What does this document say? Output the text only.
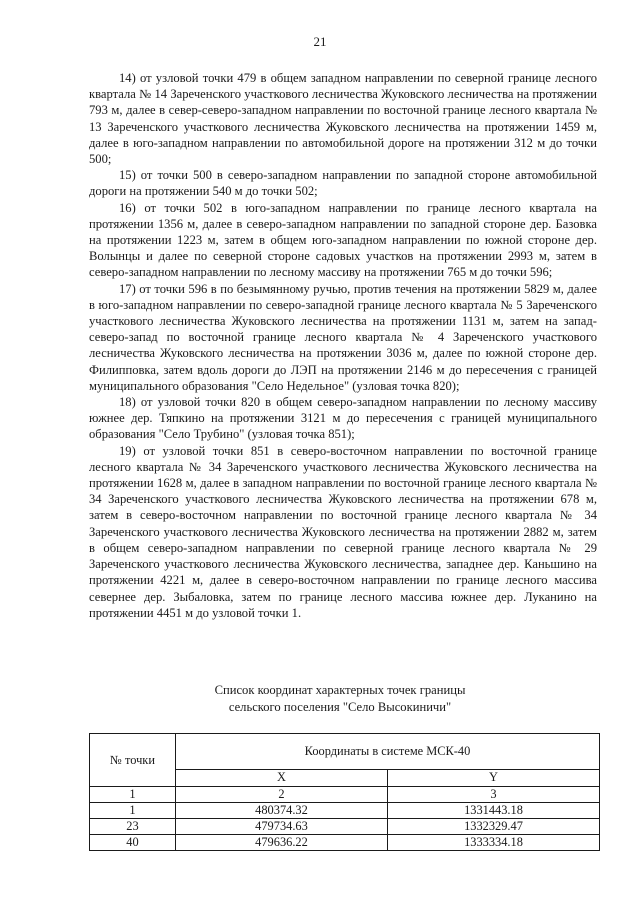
21

14) от узловой точки 479 в общем западном направлении по северной границе лесного квартала № 14 Зареченского участкового лесничества Жуковского лесничества на протяжении 793 м, далее в север-северо-западном направлении по восточной границе лесного квартала № 13 Зареченского участкового лесничества Жуковского лесничества на протяжении 1459 м, далее в юго-западном направлении по автомобильной дороге на протяжении 312 м до точки 500;

15) от точки 500 в северо-западном направлении по западной стороне автомобильной дороги на протяжении 540 м до точки 502;

16) от точки 502 в юго-западном направлении по границе лесного квартала на протяжении 1356 м, далее в северо-западном направлении по западной стороне дер. Базовка на протяжении 1223 м, затем в общем юго-западном направлении по южной стороне дер. Волынцы и далее по северной стороне садовых участков на протяжении 2993 м, затем в северо-западном направлении по лесному массиву на протяжении 765 м до точки 596;

17) от точки 596 в по безымянному ручью, против течения на протяжении 5829 м, далее в юго-западном направлении по северо-западной границе лесного квартала № 5 Зареченского участкового лесничества Жуковского лесничества на протяжении 1131 м, затем на запад-северо-запад по восточной границе лесного квартала № 4 Зареченского участкового лесничества Жуковского лесничества на протяжении 3036 м, далее по южной стороне дер. Филипповка, затем вдоль дороги до ЛЭП на протяжении 2146 м до пересечения с границей муниципального образования "Село Недельное" (узловая точка 820);

18) от узловой точки 820 в общем северо-западном направлении по лесному массиву южнее дер. Тяпкино на протяжении 3121 м до пересечения с границей муниципального образования "Село Трубино" (узловая точка 851);

19) от узловой точки 851 в северо-восточном направлении по восточной границе лесного квартала № 34 Зареченского участкового лесничества Жуковского лесничества на протяжении 1628 м, далее в западном направлении по восточной границе лесного квартала № 34 Зареченского участкового лесничества Жуковского лесничества на протяжении 678 м, затем в северо-восточном направлении по восточной границе лесного квартала № 34 Зареченского участкового лесничества Жуковского лесничества на протяжении 2882 м, затем в общем северо-западном направлении по северной границе лесного квартала № 29 Зареченского участкового лесничества Жуковского лесничества, западнее дер. Каньшино на протяжении 4221 м, далее в северо-восточном направлении по границе лесного массива севернее дер. Зыбаловка, затем по границе лесного массива южнее дер. Луканино на протяжении 4451 м до узловой точки 1.

Список координат характерных точек границы
сельского поселения "Село Высокиничи"
№ точки	Координаты в системе МСК-40	
	X	Y
1	2	3
1	480374.32	1331443.18
23	479734.63	1332329.47
40	479636.22	1333334.18
